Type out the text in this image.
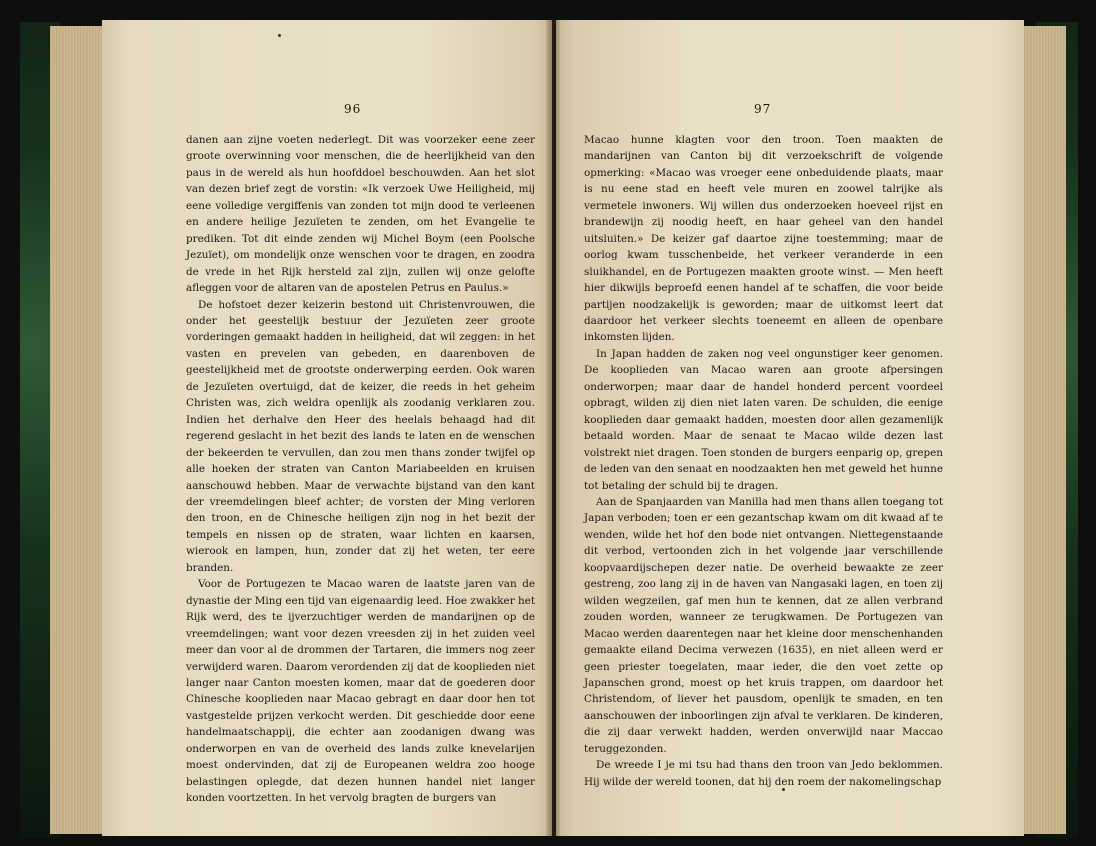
96

danen aan zijne voeten nederlegt. Dit was voorzeker eene zeer groote overwinning voor menschen, die de heerlijkheid van den paus in de wereld als hun hoofddoel beschouwden. Aan het slot van dezen brief zegt de vorstin: «Ik verzoek Uwe Heiligheid, mij eene volledige vergiffenis van zonden tot mijn dood te verleenen en andere heilige Jezuïeten te zenden, om het Evangelie te prediken. Tot dit einde zenden wij Michel Boym (een Poolsche Jezuïet), om mondelijk onze wenschen voor te dragen, en zoodra de vrede in het Rijk hersteld zal zijn, zullen wij onze gelofte afleggen voor de altaren van de apostelen Petrus en Paulus.»

De hofstoet dezer keizerin bestond uit Christenvrouwen, die onder het geestelijk bestuur der Jezuïeten zeer groote vorderingen gemaakt hadden in heiligheid, dat wil zeggen: in het vasten en prevelen van gebeden, en daarenboven de geestelijkheid met de grootste onderwerping eerden. Ook waren de Jezuïeten overtuigd, dat de keizer, die reeds in het geheim Christen was, zich weldra openlijk als zoodanig verklaren zou. Indien het derhalve den Heer des heelals behaagd had dit regerend geslacht in het bezit des lands te laten en de wenschen der bekeerden te vervullen, dan zou men thans zonder twijfel op alle hoeken der straten van Canton Mariabeelden en kruisen aanschouwd hebben. Maar de verwachte bijstand van den kant der vreemdelingen bleef achter; de vorsten der Ming verloren den troon, en de Chinesche heiligen zijn nog in het bezit der tempels en nissen op de straten, waar lichten en kaarsen, wierook en lampen, hun, zonder dat zij het weten, ter eere branden.

Voor de Portugezen te Macao waren de laatste jaren van de dynastie der Ming een tijd van eigenaardig leed. Hoe zwakker het Rijk werd, des te ijverzuchtiger werden de mandarijnen op de vreemdelingen; want voor dezen vreesden zij in het zuiden veel meer dan voor al de drommen der Tartaren, die immers nog zeer verwijderd waren. Daarom verordenden zij dat de kooplieden niet langer naar Canton moesten komen, maar dat de goederen door Chinesche kooplieden naar Macao gebragt en daar door hen tot vastgestelde prijzen verkocht werden. Dit geschiedde door eene handelmaatschappij, die echter aan zoodanigen dwang was onderworpen en van de overheid des lands zulke knevelarijen moest ondervinden, dat zij de Europeanen weldra zoo hooge belastingen oplegde, dat dezen hunnen handel niet langer konden voortzetten. In het vervolg bragten de burgers van

97

Macao hunne klagten voor den troon. Toen maakten de mandarijnen van Canton bij dit verzoekschrift de volgende opmerking: «Macao was vroeger eene onbeduidende plaats, maar is nu eene stad en heeft vele muren en zoowel talrijke als vermetele inwoners. Wij willen dus onderzoeken hoeveel rijst en brandewijn zij noodig heeft, en haar geheel van den handel uitsluiten.» De keizer gaf daartoe zijne toestemming; maar de oorlog kwam tusschenbeide, het verkeer veranderde in een sluikhandel, en de Portugezen maakten groote winst. — Men heeft hier dikwijls beproefd eenen handel af te schaffen, die voor beide partijen noodzakelijk is geworden; maar de uitkomst leert dat daardoor het verkeer slechts toeneemt en alleen de openbare inkomsten lijden.

In Japan hadden de zaken nog veel ongunstiger keer genomen. De kooplieden van Macao waren aan groote afpersingen onderworpen; maar daar de handel honderd percent voordeel opbragt, wilden zij dien niet laten varen. De schulden, die eenige kooplieden daar gemaakt hadden, moesten door allen gezamenlijk betaald worden. Maar de senaat te Macao wilde dezen last volstrekt niet dragen. Toen stonden de burgers eenparig op, grepen de leden van den senaat en noodzaakten hen met geweld het hunne tot betaling der schuld bij te dragen.

Aan de Spanjaarden van Manilla had men thans allen toegang tot Japan verboden; toen er een gezantschap kwam om dit kwaad af te wenden, wilde het hof den bode niet ontvangen. Niettegenstaande dit verbod, vertoonden zich in het volgende jaar verschillende koopvaardijschepen dezer natie. De overheid bewaakte ze zeer gestreng, zoo lang zij in de haven van Nangasaki lagen, en toen zij wilden wegzeilen, gaf men hun te kennen, dat ze allen verbrand zouden worden, wanneer ze terugkwamen. De Portugezen van Macao werden daarentegen naar het kleine door menschenhanden gemaakte eiland Decima verwezen (1635), en niet alleen werd er geen priester toegelaten, maar ieder, die den voet zette op Japanschen grond, moest op het kruis trappen, om daardoor het Christendom, of liever het pausdom, openlijk te smaden, en ten aanschouwen der inboorlingen zijn afval te verklaren. De kinderen, die zij daar verwekt hadden, werden onverwijld naar Maccao teruggezonden.

De wreede I je mi tsu had thans den troon van Jedo beklommen. Hij wilde der wereld toonen, dat hij den roem der nakomelingschap
